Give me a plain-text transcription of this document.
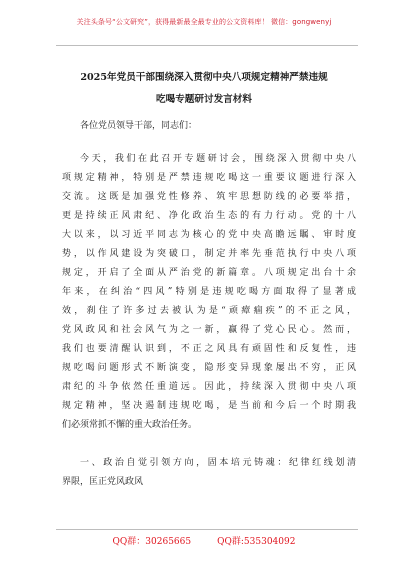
关注头条号“公文研究”，获得最新最全最专业的公文资料库！ 微信：gongwenyj
2025年党员干部围绕深入贯彻中央八项规定精神严禁违规
吃喝专题研讨发言材料
各位党员领导干部，同志们：
今天，我们在此召开专题研讨会，围绕深入贯彻中央八
项规定精神，特别是严禁违规吃喝这一重要议题进行深入
交流。这既是加强党性修养、筑牢思想防线的必要举措，
更是持续正风肃纪、净化政治生态的有力行动。党的十八
大以来，以习近平同志为核心的党中央高瞻远瞩、审时度
势，以作风建设为突破口，制定并率先垂范执行中央八项
规定，开启了全面从严治党的新篇章。八项规定出台十余
年来，在纠治“四风”特别是违规吃喝方面取得了显著成
效，刹住了许多过去被认为是“顽瘴痼疾”的不正之风，
党风政风和社会风气为之一新，赢得了党心民心。然而，
我们也要清醒认识到，不正之风具有顽固性和反复性，违
规吃喝问题形式不断演变，隐形变异现象屡出不穷，正风
肃纪的斗争依然任重道远。因此，持续深入贯彻中央八项
规定精神，坚决遏制违规吃喝，是当前和今后一个时期我
们必须常抓不懈的重大政治任务。
一、政治自觉引领方向，固本培元铸魂：纪律红线划清
界限，匡正党风政风
QQ群：30265665	QQ群:535304092
